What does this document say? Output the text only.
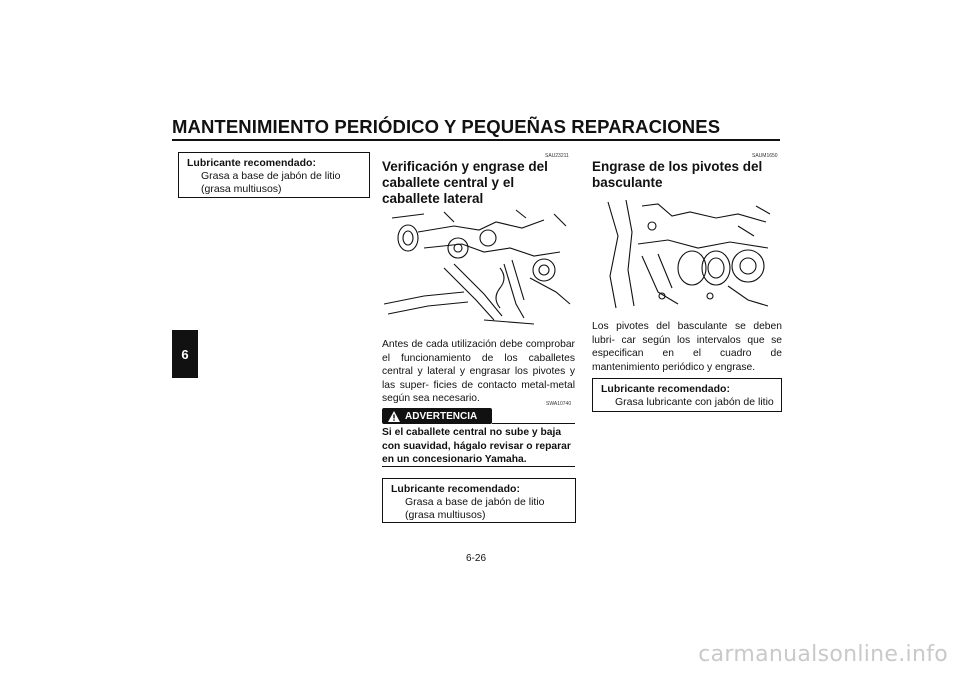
MANTENIMIENTO PERIÓDICO Y PEQUEÑAS REPARACIONES
6
Lubricante recomendado:
Grasa a base de jabón de litio (grasa multiusos)
SAU23211
Verificación y engrase del caballete central y el caballete lateral
Antes de cada utilización debe comprobar el funcionamiento de los caballetes central y lateral y engrasar los pivotes y las super- ficies de contacto metal-metal según sea necesario.	SWA10740
ADVERTENCIA
Si el caballete central no sube y baja con suavidad, hágalo revisar o reparar en un concesionario Yamaha.
Lubricante recomendado:
Grasa a base de jabón de litio (grasa multiusos)
SAUM1650
Engrase de los pivotes del basculante
Los pivotes del basculante se deben lubri- car según los intervalos que se especifican en el cuadro de mantenimiento periódico y engrase.
Lubricante recomendado:
Grasa lubricante con jabón de litio
6-26
carmanualsonline.info
